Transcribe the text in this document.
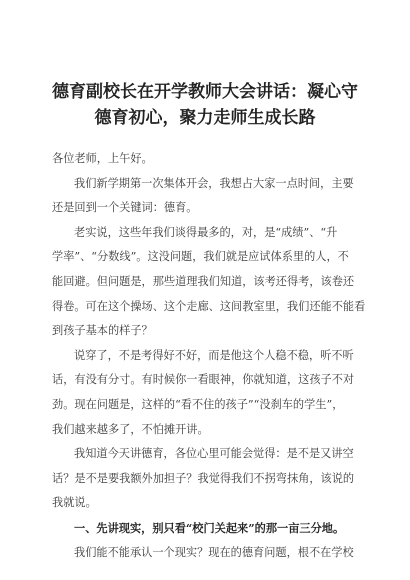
德育副校长在开学教师大会讲话：凝心守
德育初心，聚力走师生成长路
各位老师，上午好。
我们新学期第一次集体开会，我想占大家一点时间，主要
还是回到一个关键词：德育。
老实说，这些年我们谈得最多的，对，是“成绩”、“升
学率”、“分数线”。这没问题，我们就是应试体系里的人，不
能回避。但问题是，那些道理我们知道，该考还得考，该卷还
得卷。可在这个操场、这个走廊、这间教室里，我们还能不能看
到孩子基本的样子？
说穿了，不是考得好不好，而是他这个人稳不稳，听不听
话，有没有分寸。有时候你一看眼神，你就知道，这孩子不对
劲。现在问题是，这样的“看不住的孩子”“没刹车的学生”，
我们越来越多了，不怕摊开讲。
我知道今天讲德育，各位心里可能会觉得：是不是又讲空
话？是不是要我额外加担子？我觉得我们不拐弯抹角，该说的
我就说。
一、先讲现实，别只看“校门关起来”的那一亩三分地。
我们能不能承认一个现实？现在的德育问题，根不在学校
